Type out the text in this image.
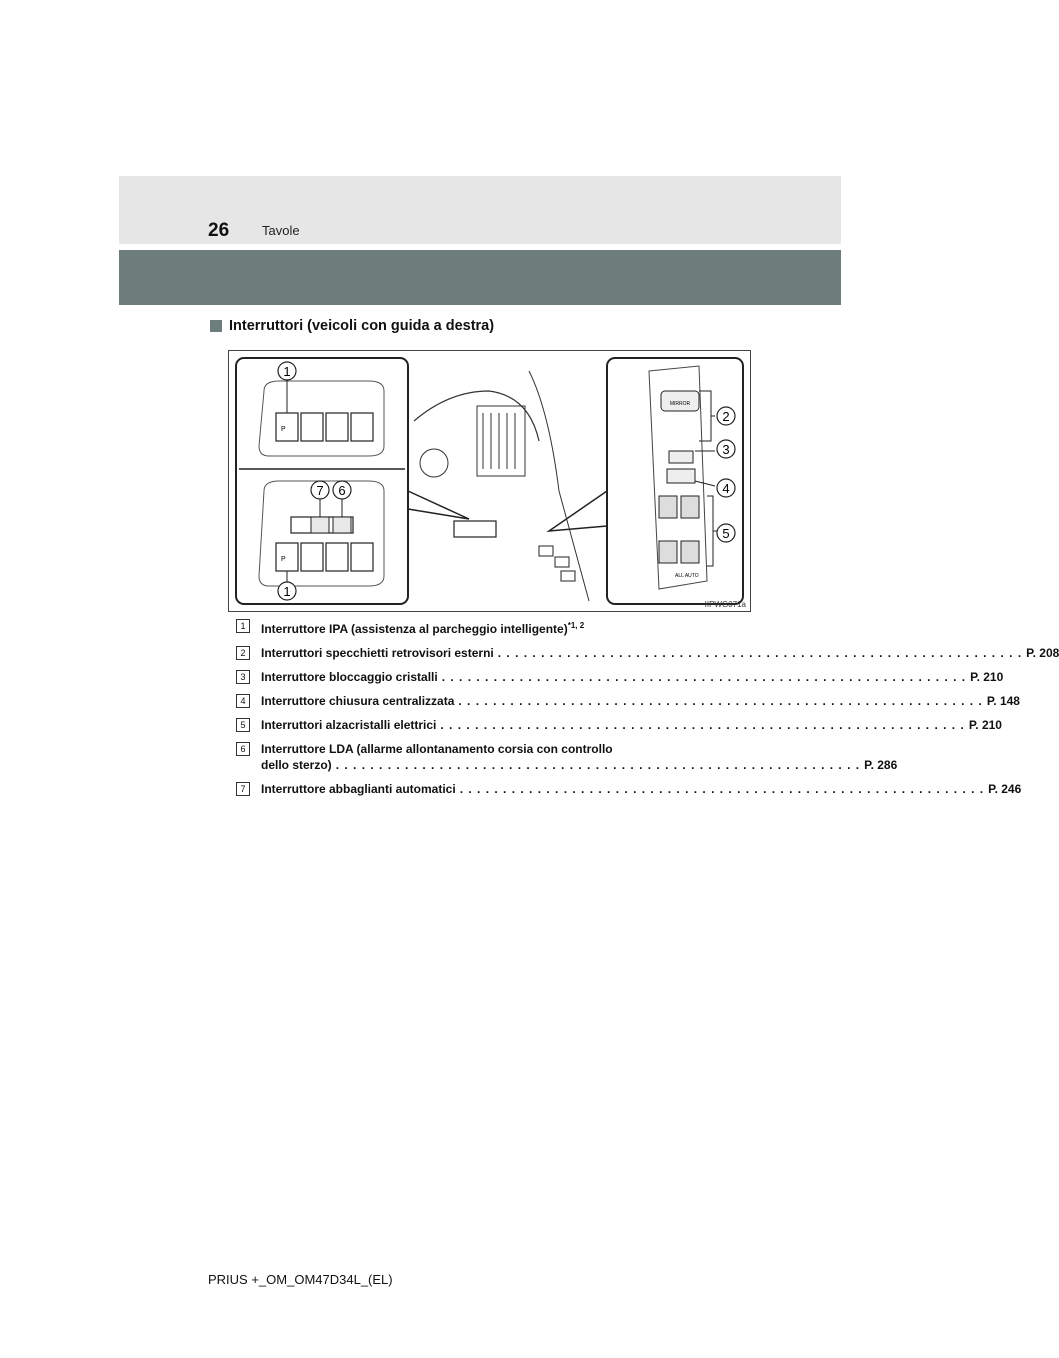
26	Tavole
Interruttori (veicoli con guida a destra)
P
1
P
7 6
1
MIRROR
ALL AUTO
2
3
4
5
IIPWG071a
1	Interruttore IPA (assistenza al parcheggio intelligente)$^{*1, 2}$
2	Interruttori specchietti retrovisori esterni . . .	P. 208
3	Interruttore bloccaggio cristalli . . .	P. 210
4	Interruttore chiusura centralizzata . . .	P. 148
5	Interruttori alzacristalli elettrici . . .	P. 210
6	Interruttore LDA (allarme allontanamento corsia con controllo
dello sterzo) . . .	P. 286
7	Interruttore abbaglianti automatici . . .	P. 246
PRIUS +_OM_OM47D34L_(EL)
